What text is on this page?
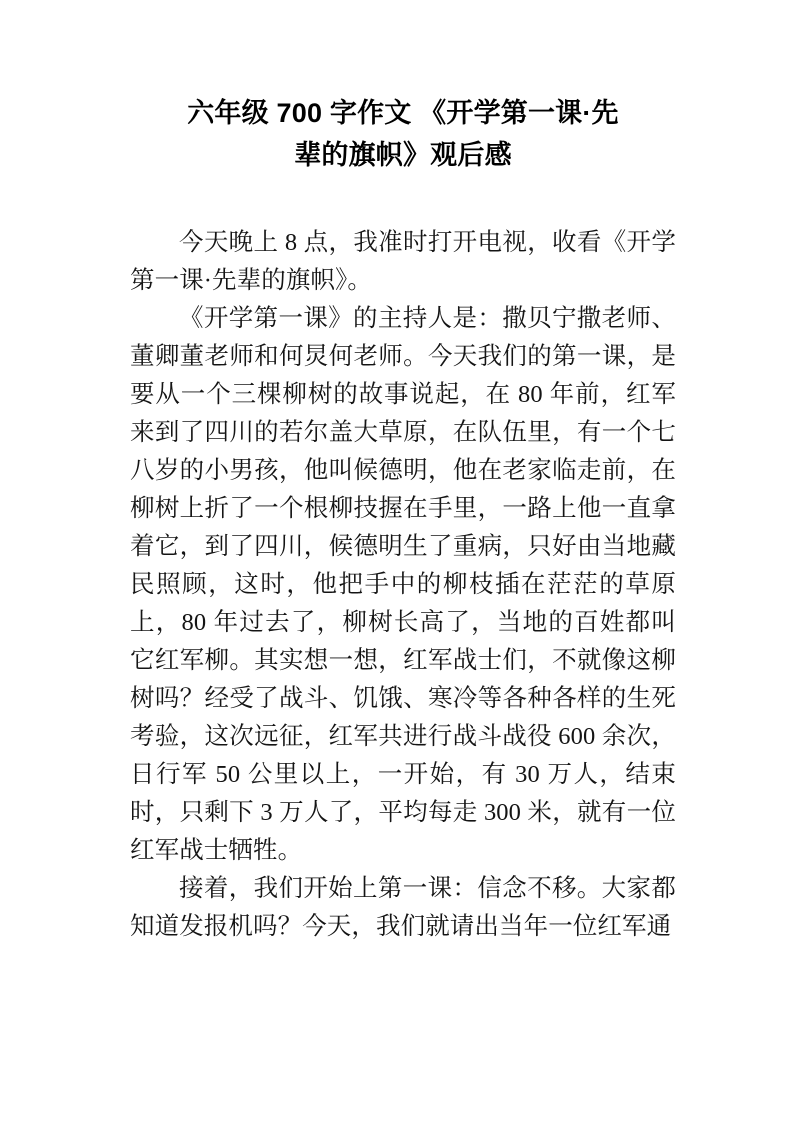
六年级 700 字作文 《开学第一课·先
辈的旗帜》观后感

今天晚上 8 点，我准时打开电视，收看《开学第一课·先辈的旗帜》。

《开学第一课》的主持人是：撒贝宁撒老师、董卿董老师和何炅何老师。今天我们的第一课，是要从一个三棵柳树的故事说起，在 80 年前，红军来到了四川的若尔盖大草原，在队伍里，有一个七八岁的小男孩，他叫候德明，他在老家临走前，在柳树上折了一个根柳技握在手里，一路上他一直拿着它，到了四川，候德明生了重病，只好由当地藏民照顾，这时，他把手中的柳枝插在茫茫的草原上，80 年过去了，柳树长高了，当地的百姓都叫它红军柳。其实想一想，红军战士们，不就像这柳树吗？经受了战斗、饥饿、寒冷等各种各样的生死考验，这次远征，红军共进行战斗战役 600 余次，日行军 50 公里以上，一开始，有 30 万人，结束时，只剩下 3 万人了，平均每走 300 米，就有一位红军战士牺牲。

接着，我们开始上第一课：信念不移。大家都知道发报机吗？今天，我们就请出当年一位红军通
